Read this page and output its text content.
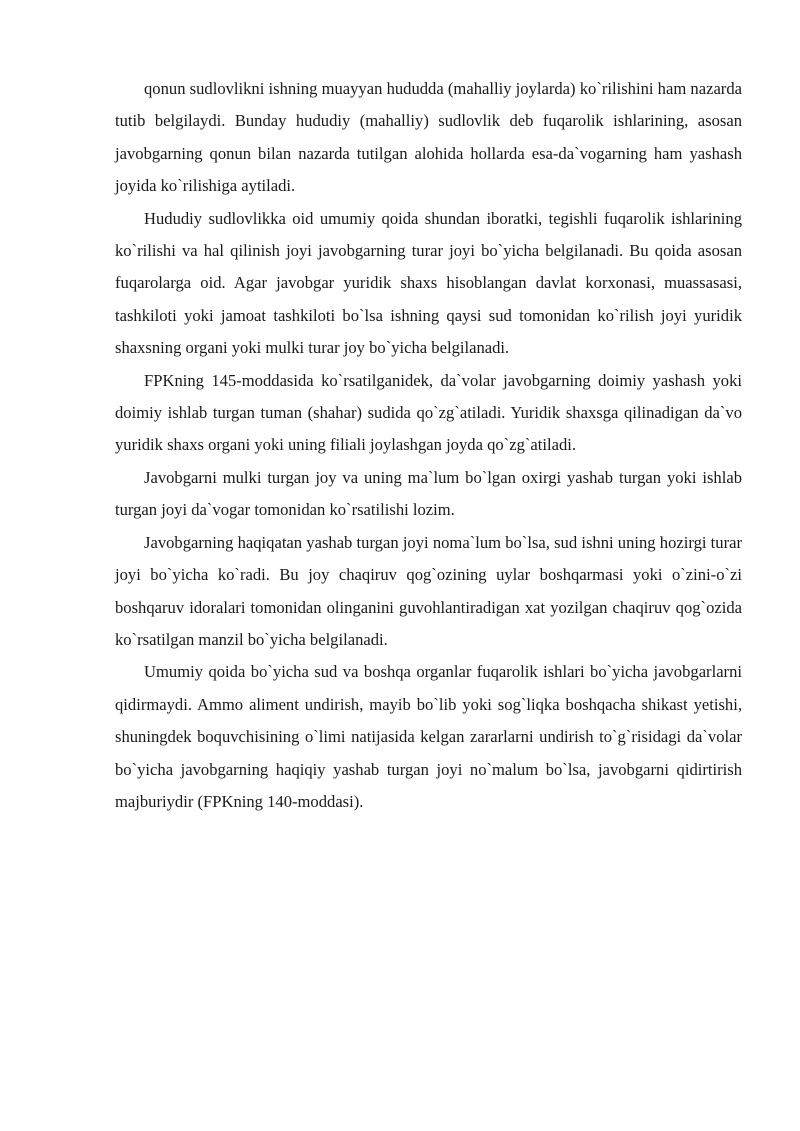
qonun sudlovlikni ishning muayyan hududda (mahalliy joylarda) ko`rilishini ham nazarda tutib belgilaydi. Bunday hududiy (mahalliy) sudlovlik deb fuqarolik ishlarining, asosan javobgarning qonun bilan nazarda tutilgan alohida hollarda esa-da`vogarning ham yashash joyida ko`rilishiga aytiladi.

Hududiy sudlovlikka oid umumiy qoida shundan iboratki, tegishli fuqarolik ishlarining ko`rilishi va hal qilinish joyi javobgarning turar joyi bo`yicha belgilanadi. Bu qoida asosan fuqarolarga oid. Agar javobgar yuridik shaxs hisoblangan davlat korxonasi, muassasasi, tashkiloti yoki jamoat tashkiloti bo`lsa ishning qaysi sud tomonidan ko`rilish joyi yuridik shaxsning organi yoki mulki turar joy bo`yicha belgilanadi.

FPKning 145-moddasida ko`rsatilganidek, da`volar javobgarning doimiy yashash yoki doimiy ishlab turgan tuman (shahar) sudida qo`zg`atiladi. Yuridik shaxsga qilinadigan da`vo yuridik shaxs organi yoki uning filiali joylashgan joyda qo`zg`atiladi.

Javobgarni mulki turgan joy va uning ma`lum bo`lgan oxirgi yashab turgan yoki ishlab turgan joyi da`vogar tomonidan ko`rsatilishi lozim.

Javobgarning haqiqatan yashab turgan joyi noma`lum bo`lsa, sud ishni uning hozirgi turar joyi bo`yicha ko`radi. Bu joy chaqiruv qog`ozining uylar boshqarmasi yoki o`zini-o`zi boshqaruv idoralari tomonidan olinganini guvohlantiradigan xat yozilgan chaqiruv qog`ozida ko`rsatilgan manzil bo`yicha belgilanadi.

Umumiy qoida bo`yicha sud va boshqa organlar fuqarolik ishlari bo`yicha javobgarlarni qidirmaydi. Ammo aliment undirish, mayib bo`lib yoki sog`liqka boshqacha shikast yetishi, shuningdek boquvchisining o`limi natijasida kelgan zararlarni undirish to`g`risidagi da`volar bo`yicha javobgarning haqiqiy yashab turgan joyi no`malum bo`lsa, javobgarni qidirtirish majburiydir (FPKning 140-moddasi).
